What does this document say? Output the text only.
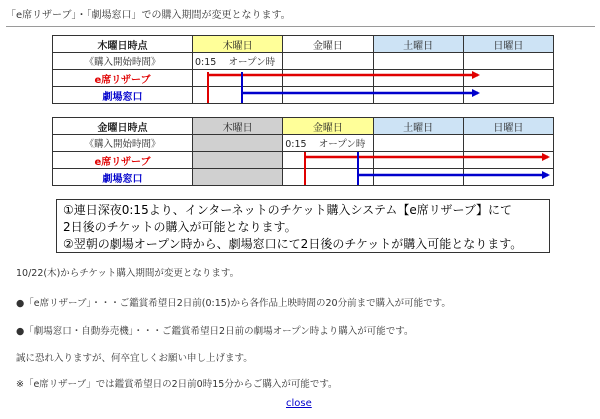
「e席リザーブ」・「劇場窓口」での購入期間が変更となります。
木曜日時点	木曜日	金曜日	土曜日	日曜日
《購入開始時間》	0:15 オープン時			
e席リザーブ				
劇場窓口				
金曜日時点	木曜日	金曜日	土曜日	日曜日
《購入開始時間》		0:15 オープン時		
e席リザーブ				
劇場窓口				
①連日深夜0:15より、インターネットのチケット購入システム【e席リザーブ】にて
2日後のチケットの購入が可能となります。
②翌朝の劇場オープン時から、劇場窓口にて2日後のチケットが購入可能となります。
10/22(木)からチケット購入期間が変更となります。
●「e席リザーブ」・・・ご鑑賞希望日2日前(0:15)から各作品上映時間の20分前まで購入が可能です。
●「劇場窓口・自動券売機」・・・ご鑑賞希望日2日前の劇場オープン時より購入が可能です。
誠に恐れ入りますが、何卒宜しくお願い申し上げます。
※「e席リザーブ」では鑑賞希望日の2日前0時15分からご購入が可能です。
close
